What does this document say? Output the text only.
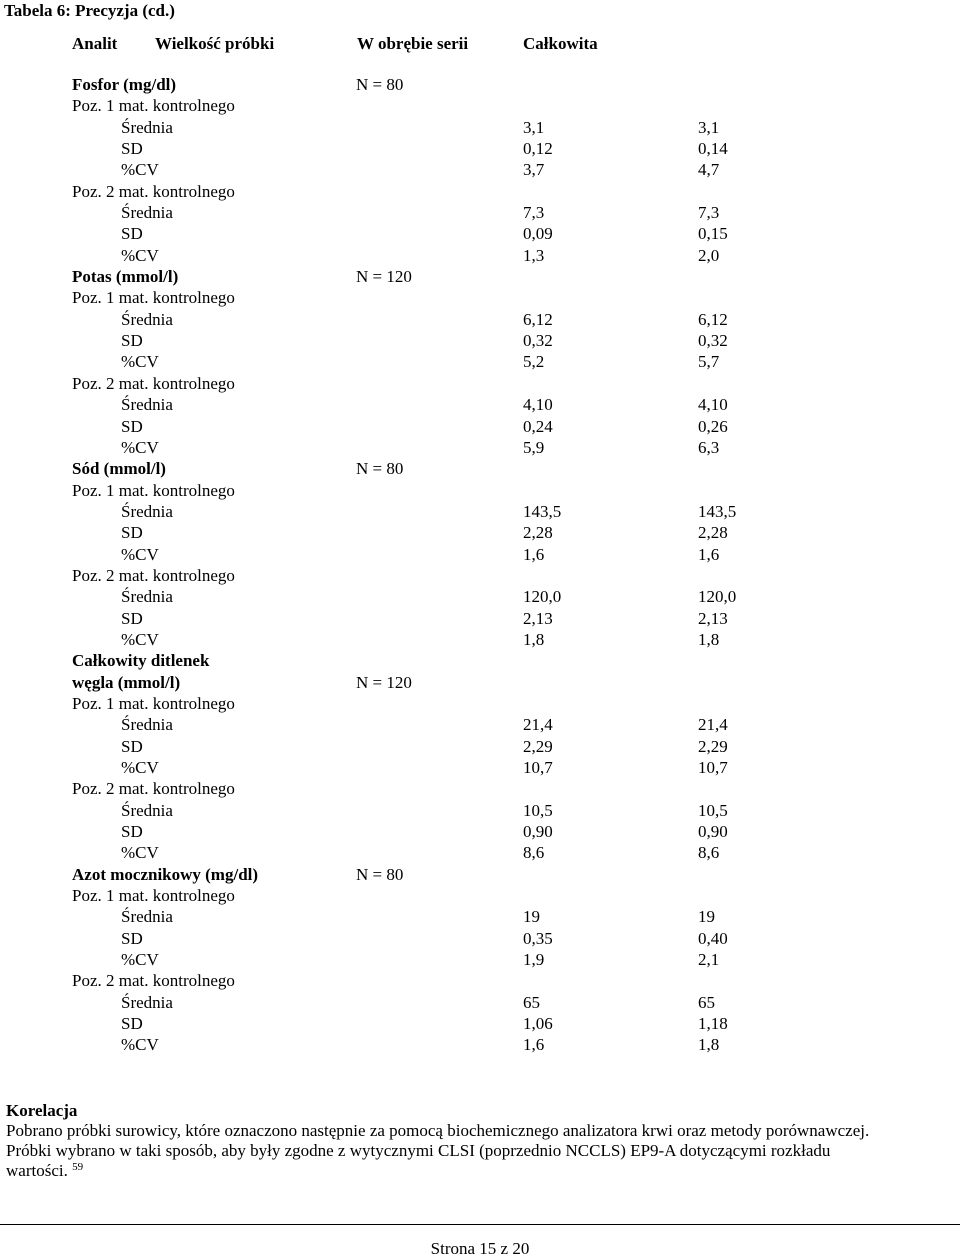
Tabela 6: Precyzja (cd.)
Analit Wielkość próbki	W obrębie serii	Całkowita
Fosfor (mg/dl)	N = 80
Poz. 1 mat. kontrolnego
Średnia	3,1	3,1
SD	0,12	0,14
%CV	3,7	4,7
Poz. 2 mat. kontrolnego
Średnia	7,3	7,3
SD	0,09	0,15
%CV	1,3	2,0
Potas (mmol/l)	N = 120
Poz. 1 mat. kontrolnego
Średnia	6,12	6,12
SD	0,32	0,32
%CV	5,2	5,7
Poz. 2 mat. kontrolnego
Średnia	4,10	4,10
SD	0,24	0,26
%CV	5,9	6,3
Sód (mmol/l)	N = 80
Poz. 1 mat. kontrolnego
Średnia	143,5	143,5
SD	2,28	2,28
%CV	1,6	1,6
Poz. 2 mat. kontrolnego
Średnia	120,0	120,0
SD	2,13	2,13
%CV	1,8	1,8
Całkowity ditlenek
węgla (mmol/l)	N = 120
Poz. 1 mat. kontrolnego
Średnia	21,4	21,4
SD	2,29	2,29
%CV	10,7	10,7
Poz. 2 mat. kontrolnego
Średnia	10,5	10,5
SD	0,90	0,90
%CV	8,6	8,6
Azot mocznikowy (mg/dl)	N = 80
Poz. 1 mat. kontrolnego
Średnia	19	19
SD	0,35	0,40
%CV	1,9	2,1
Poz. 2 mat. kontrolnego
Średnia	65	65
SD	1,06	1,18
%CV	1,6	1,8
Korelacja
Pobrano próbki surowicy, które oznaczono następnie za pomocą biochemicznego analizatora krwi oraz metody porównawczej.
Próbki wybrano w taki sposób, aby były zgodne z wytycznymi CLSI (poprzednio NCCLS) EP9-A dotyczącymi rozkładu
wartości. $^{59}$
Strona 15 z 20
